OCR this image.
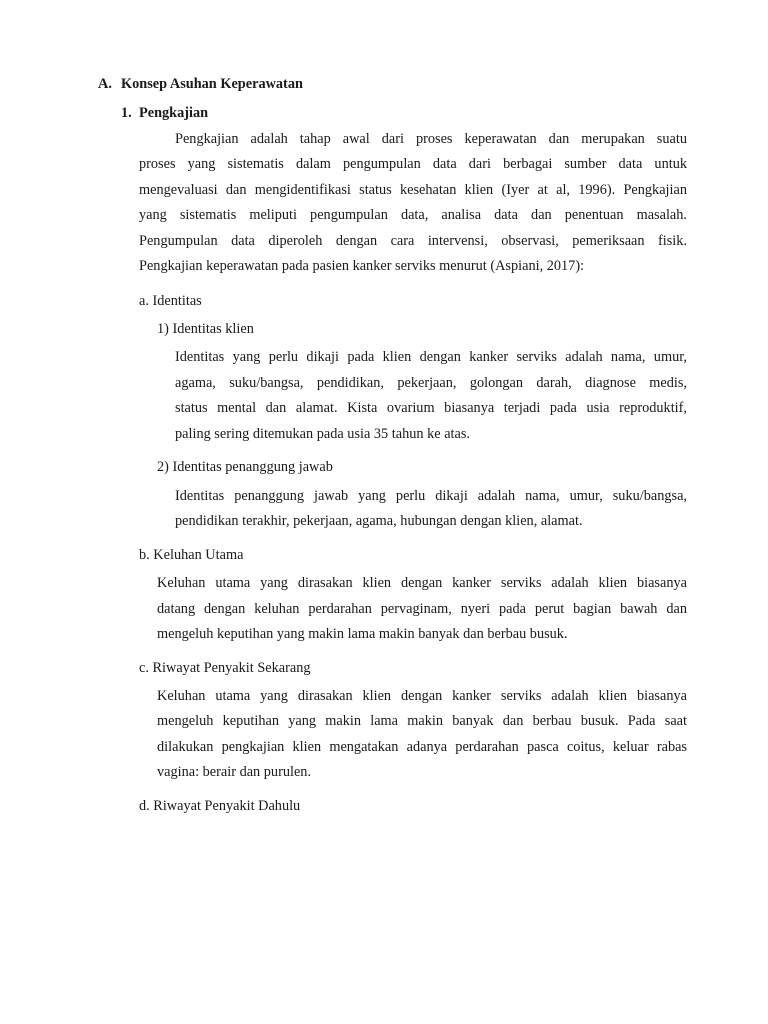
A. Konsep Asuhan Keperawatan
1. Pengkajian
Pengkajian adalah tahap awal dari proses keperawatan dan merupakan suatu
proses yang sistematis dalam pengumpulan data dari berbagai sumber data untuk
mengevaluasi dan mengidentifikasi status kesehatan klien (Iyer at al, 1996). Pengkajian
yang sistematis meliputi pengumpulan data, analisa data dan penentuan masalah.
Pengumpulan data diperoleh dengan cara intervensi, observasi, pemeriksaan fisik.
Pengkajian keperawatan pada pasien kanker serviks menurut (Aspiani, 2017):
a. Identitas
1) Identitas klien
Identitas yang perlu dikaji pada klien dengan kanker serviks adalah nama, umur,
agama, suku/bangsa, pendidikan, pekerjaan, golongan darah, diagnose medis,
status mental dan alamat. Kista ovarium biasanya terjadi pada usia reproduktif,
paling sering ditemukan pada usia 35 tahun ke atas.
2) Identitas penanggung jawab
Identitas penanggung jawab yang perlu dikaji adalah nama, umur, suku/bangsa,
pendidikan terakhir, pekerjaan, agama, hubungan dengan klien, alamat.
b. Keluhan Utama
Keluhan utama yang dirasakan klien dengan kanker serviks adalah klien biasanya
datang dengan keluhan perdarahan pervaginam, nyeri pada perut bagian bawah dan
mengeluh keputihan yang makin lama makin banyak dan berbau busuk.
c. Riwayat Penyakit Sekarang
Keluhan utama yang dirasakan klien dengan kanker serviks adalah klien biasanya
mengeluh keputihan yang makin lama makin banyak dan berbau busuk. Pada saat
dilakukan pengkajian klien mengatakan adanya perdarahan pasca coitus, keluar rabas
vagina: berair dan purulen.
d. Riwayat Penyakit Dahulu
